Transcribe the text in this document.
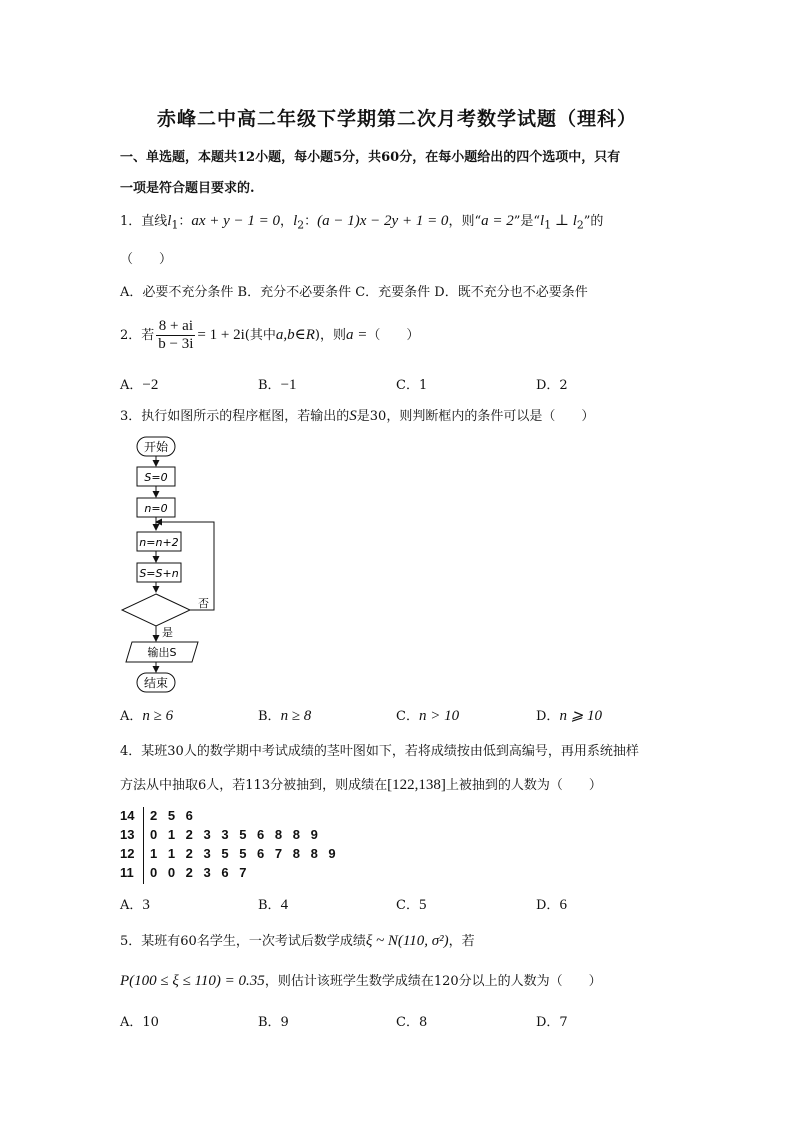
赤峰二中高二年级下学期第二次月考数学试题（理科）
一、单选题，本题共12小题，每小题5分，共60分，在每小题给出的四个选项中，只有
一项是符合题目要求的.
1．直线$l_1$：ax + y − 1 = 0，$l_2$：(a − 1)x − 2y + 1 = 0，则“a = 2”是“$l_1$ ⊥ $l_2$”的
（　　）
A．必要不充分条件 B．充分不必要条件 C．充要条件 D．既不充分也不必要条件
2．若 $\frac{8 + ai}{b - 3i} = 1 + 2i$(其中a,b∈R)，则a =（　　）
A．−2	B．−1	C．1	D．2
3．执行如图所示的程序框图，若输出的S是30，则判断框内的条件可以是（　　）
开始
S=0
n=0
n=n+2
S=S+n
否
是
输出S
结束
A．n ≥ 6	B．n ≥ 8	C．n > 10	D．n ⩾ 10
4．某班30人的数学期中考试成绩的茎叶图如下，若将成绩按由低到高编号，再用系统抽样
方法从中抽取6人，若113分被抽到，则成绩在[122,138]上被抽到的人数为（　　）
14	2 5 6
13	0 1 2 3 3 5 6 8 8 9
12	1 1 2 3 5 5 6 7 8 8 9
11	0 0 2 3 6 7
A．3	B．4	C．5	D．6
5．某班有60名学生，一次考试后数学成绩ξ ~ N(110, σ²)，若
P(100 ≤ ξ ≤ 110) = 0.35，则估计该班学生数学成绩在120分以上的人数为（　　）
A．10	B．9	C．8	D．7
